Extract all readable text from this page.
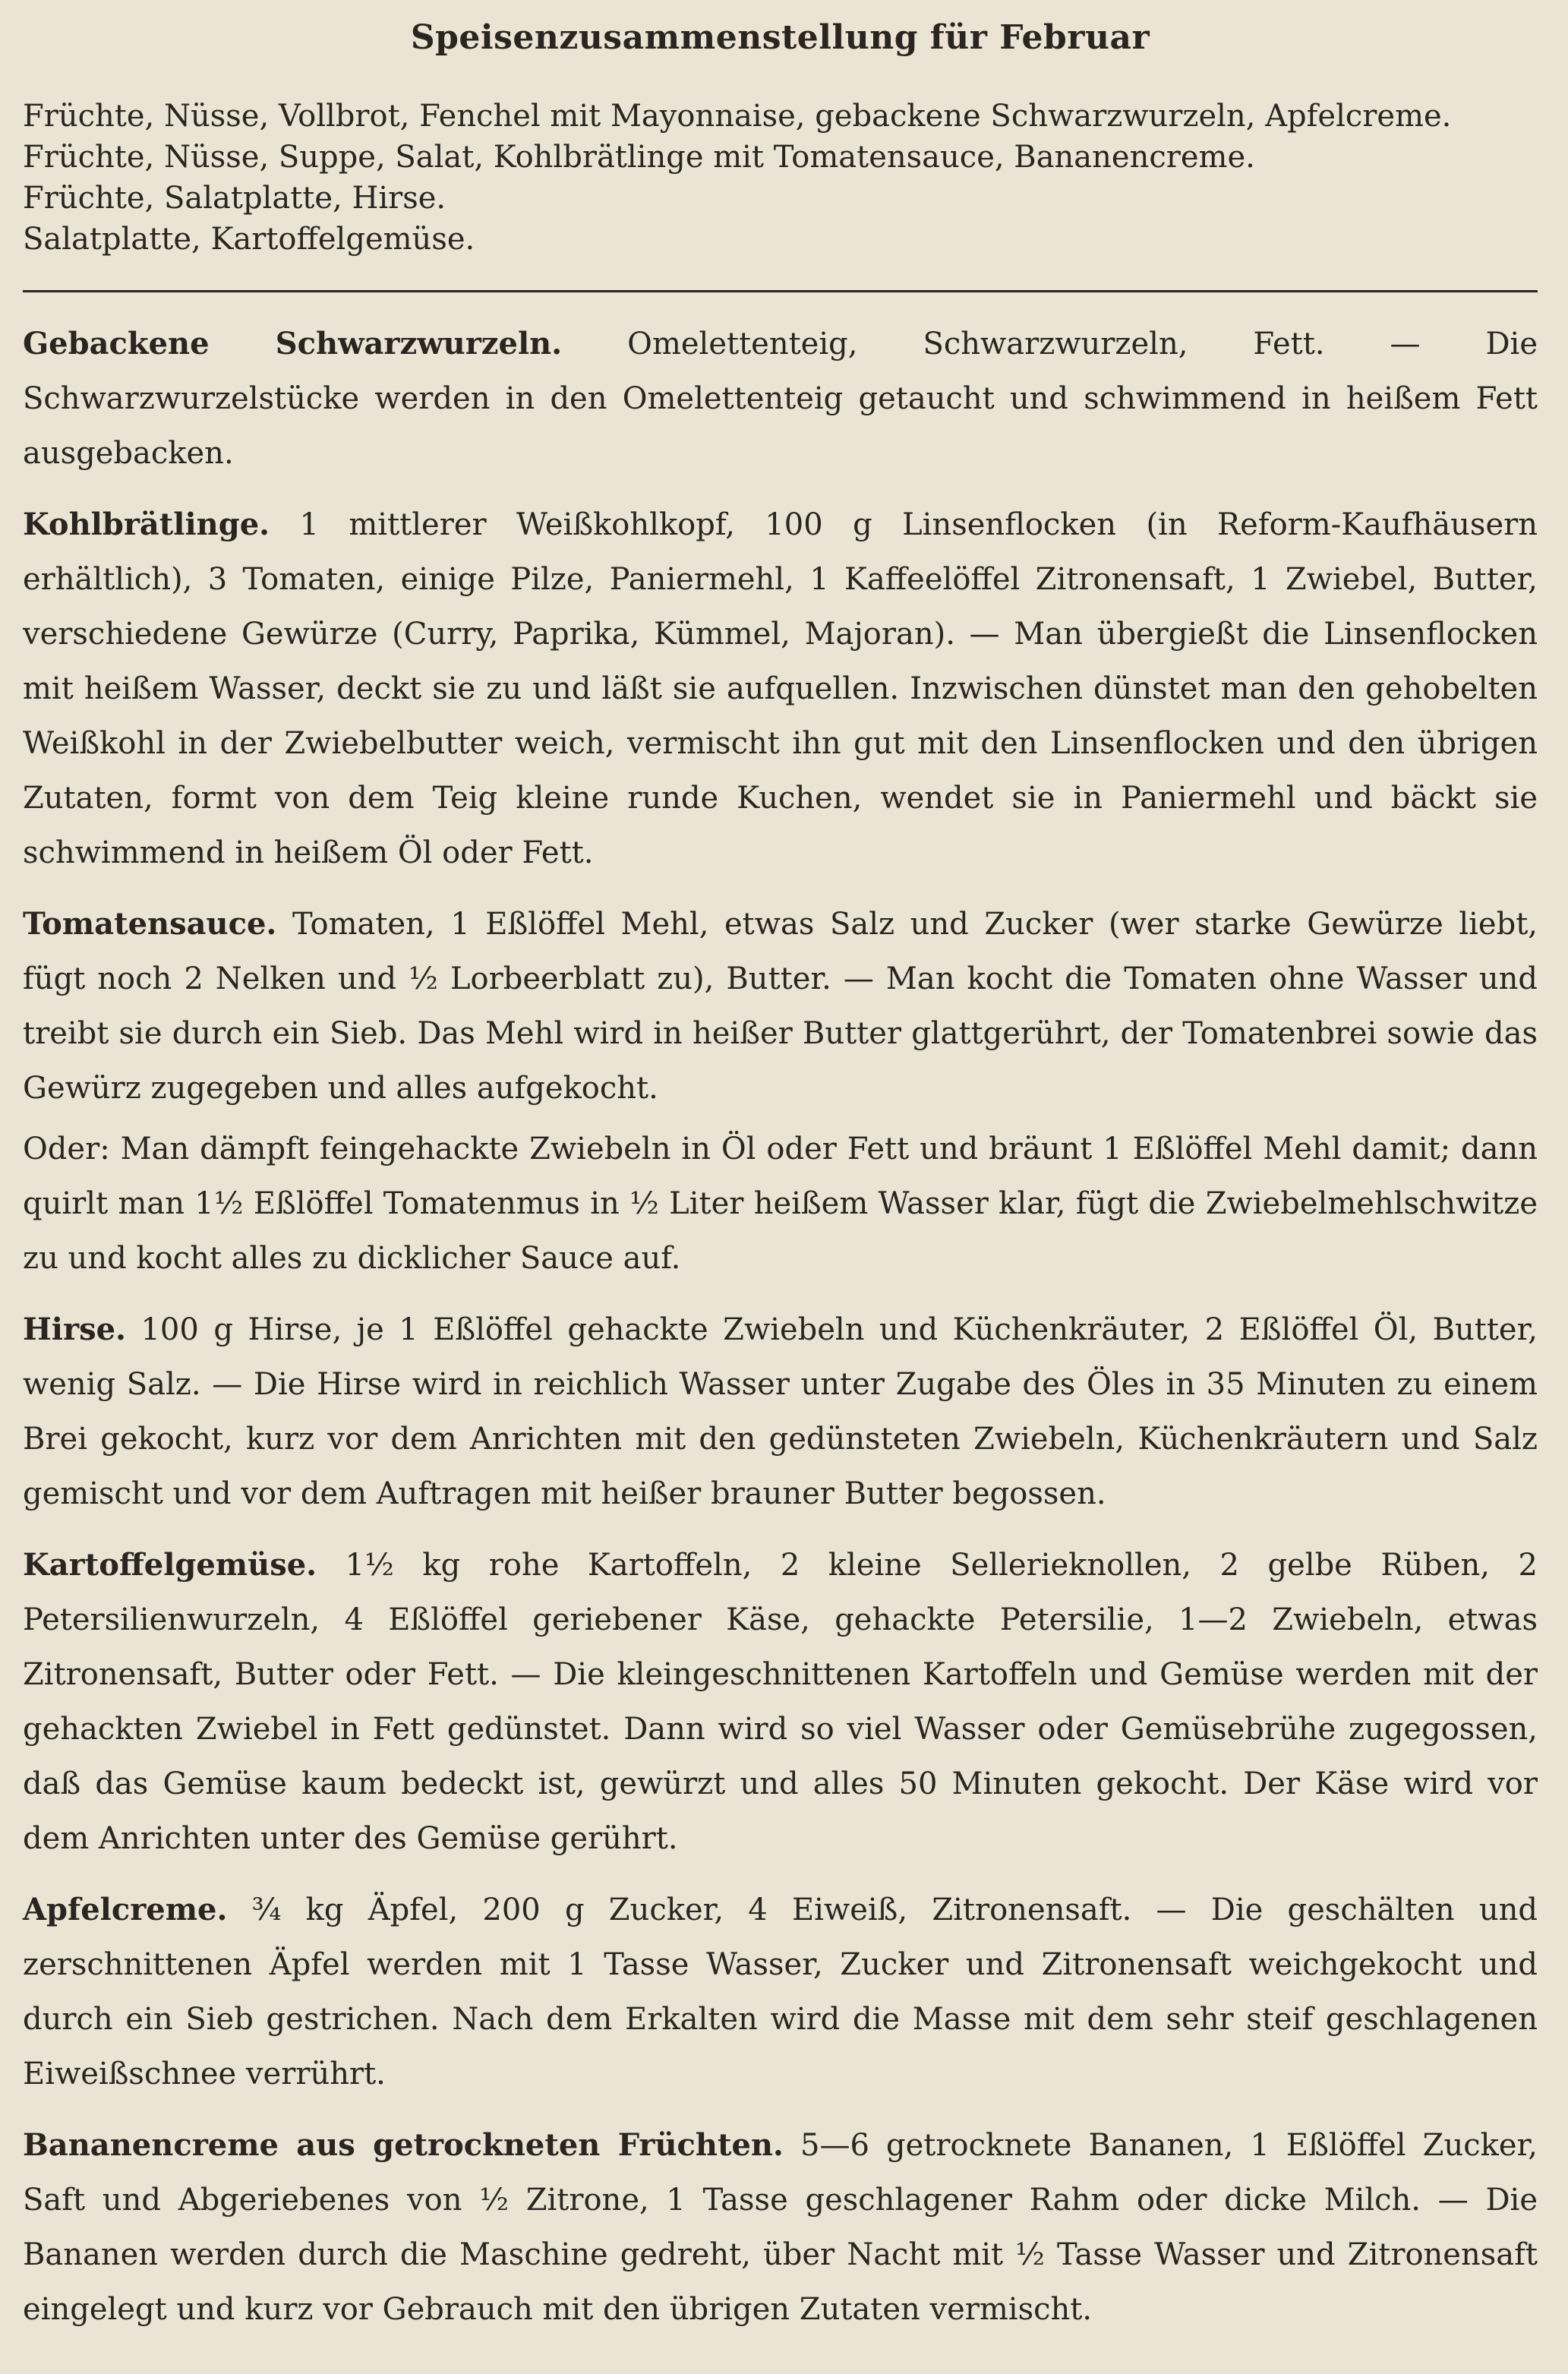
Speisenzusammenstellung für Februar

Früchte, Nüsse, Vollbrot, Fenchel mit Mayonnaise, gebackene Schwarzwurzeln, Apfelcreme.

Früchte, Nüsse, Suppe, Salat, Kohlbrätlinge mit Tomatensauce, Bananencreme.

Früchte, Salatplatte, Hirse.

Salatplatte, Kartoffelgemüse.

Gebackene Schwarzwurzeln. Omelettenteig, Schwarzwurzeln, Fett. — Die Schwarzwurzelstücke werden in den Omelettenteig getaucht und schwimmend in heißem Fett ausgebacken.

Kohlbrätlinge. 1 mittlerer Weißkohlkopf, 100 g Linsenflocken (in Reform-Kaufhäusern erhältlich), 3 Tomaten, einige Pilze, Paniermehl, 1 Kaffeelöffel Zitronensaft, 1 Zwiebel, Butter, verschiedene Gewürze (Curry, Paprika, Kümmel, Majoran). — Man übergießt die Linsenflocken mit heißem Wasser, deckt sie zu und läßt sie aufquellen. Inzwischen dünstet man den gehobelten Weißkohl in der Zwiebelbutter weich, vermischt ihn gut mit den Linsenflocken und den übrigen Zutaten, formt von dem Teig kleine runde Kuchen, wendet sie in Paniermehl und bäckt sie schwimmend in heißem Öl oder Fett.

Tomatensauce. Tomaten, 1 Eßlöffel Mehl, etwas Salz und Zucker (wer starke Gewürze liebt, fügt noch 2 Nelken und ½ Lorbeerblatt zu), Butter. — Man kocht die Tomaten ohne Wasser und treibt sie durch ein Sieb. Das Mehl wird in heißer Butter glattgerührt, der Tomatenbrei sowie das Gewürz zugegeben und alles aufgekocht.

Oder: Man dämpft feingehackte Zwiebeln in Öl oder Fett und bräunt 1 Eßlöffel Mehl damit; dann quirlt man 1½ Eßlöffel Tomatenmus in ½ Liter heißem Wasser klar, fügt die Zwiebelmehlschwitze zu und kocht alles zu dicklicher Sauce auf.

Hirse. 100 g Hirse, je 1 Eßlöffel gehackte Zwiebeln und Küchenkräuter, 2 Eßlöffel Öl, Butter, wenig Salz. — Die Hirse wird in reichlich Wasser unter Zugabe des Öles in 35 Minuten zu einem Brei gekocht, kurz vor dem Anrichten mit den gedünsteten Zwiebeln, Küchenkräutern und Salz gemischt und vor dem Auftragen mit heißer brauner Butter begossen.

Kartoffelgemüse. 1½ kg rohe Kartoffeln, 2 kleine Sellerieknollen, 2 gelbe Rüben, 2 Petersilienwurzeln, 4 Eßlöffel geriebener Käse, gehackte Petersilie, 1—2 Zwiebeln, etwas Zitronensaft, Butter oder Fett. — Die kleingeschnittenen Kartoffeln und Gemüse werden mit der gehackten Zwiebel in Fett gedünstet. Dann wird so viel Wasser oder Gemüsebrühe zugegossen, daß das Gemüse kaum bedeckt ist, gewürzt und alles 50 Minuten gekocht. Der Käse wird vor dem Anrichten unter des Gemüse gerührt.

Apfelcreme. ¾ kg Äpfel, 200 g Zucker, 4 Eiweiß, Zitronensaft. — Die geschälten und zerschnittenen Äpfel werden mit 1 Tasse Wasser, Zucker und Zitronensaft weichgekocht und durch ein Sieb gestrichen. Nach dem Erkalten wird die Masse mit dem sehr steif geschlagenen Eiweißschnee verrührt.

Bananencreme aus getrockneten Früchten. 5—6 getrocknete Bananen, 1 Eßlöffel Zucker, Saft und Abgeriebenes von ½ Zitrone, 1 Tasse geschlagener Rahm oder dicke Milch. — Die Bananen werden durch die Maschine gedreht, über Nacht mit ½ Tasse Wasser und Zitronensaft eingelegt und kurz vor Gebrauch mit den übrigen Zutaten vermischt.
